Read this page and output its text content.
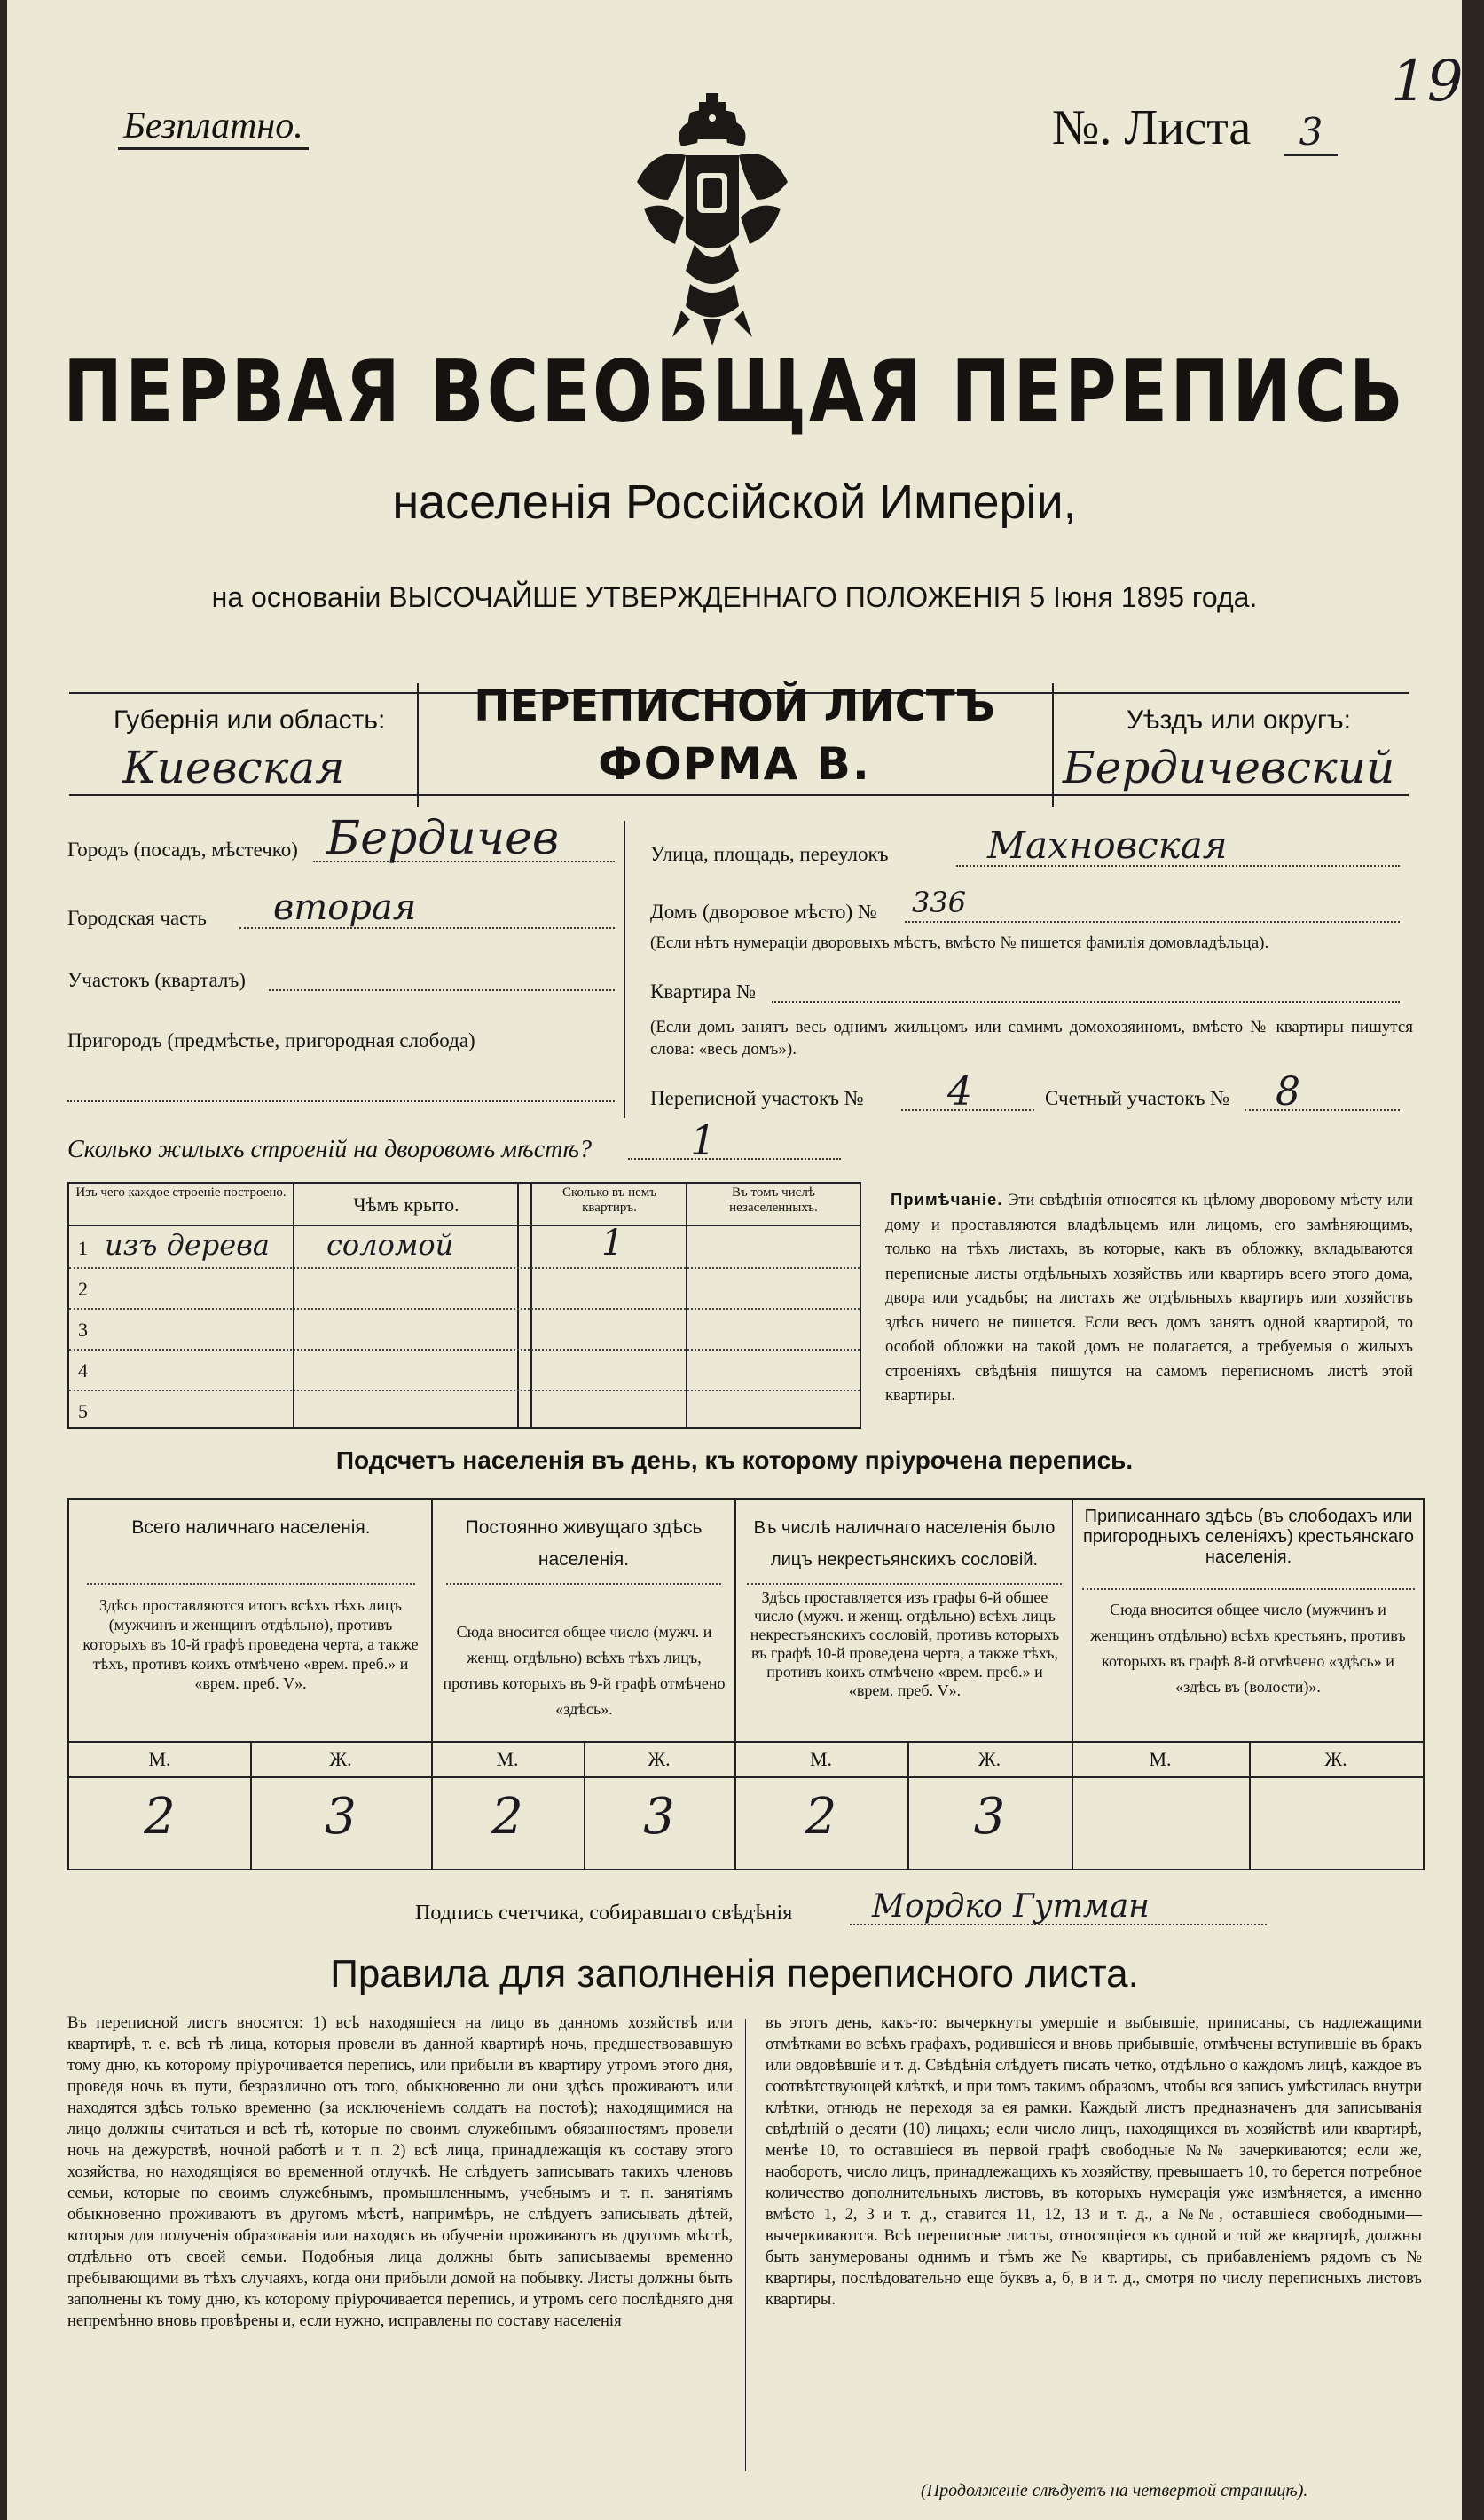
Безплатно.	№. Листа	3
19
ПЕРВАЯ ВСЕОБЩАЯ ПЕРЕПИСЬ
населенія Россійской Имперіи,
на основаніи ВЫСОЧАЙШЕ УТВЕРЖДЕННАГО ПОЛОЖЕНІЯ 5 Іюня 1895 года.
Губернія или область:
Киевская
ПЕРЕПИСНОЙ ЛИСТЪ
ФОРМА В.
Уѣздъ или округъ:
Бердичевский
Городъ (посадъ, мѣстечко) Бердичев
Городская часть вторая
Участокъ (кварталъ)
Пригородъ (предмѣстье, пригородная слобода)
Улица, площадь, переулокъ	Махновская
Домъ (дворовое мѣсто) № 336
(Если нѣтъ нумераціи дворовыхъ мѣстъ, вмѣсто № пишется фамилія домовладѣльца).
Квартира №
(Если домъ занятъ весь однимъ жильцомъ или самимъ домохозяиномъ, вмѣсто № квартиры пишутся слова: «весь домъ»).
Переписной участокъ № 4	Счетный участокъ № 8
Сколько жилыхъ строеній на дворовомъ мѣстѣ? 1
Изъ чего каждое строеніе построено.
Чѣмъ крыто.
Сколько въ немъ квартиръ.
Въ томъ числѣ незаселенныхъ.
1 изъ дерева соломой	1
2
3
4
5
Примѣчаніе. Эти свѣдѣнія относятся къ цѣлому дворовому мѣсту или дому и проставляются владѣльцемъ или лицомъ, его замѣняющимъ, только на тѣхъ листахъ, въ которые, какъ въ обложку, вкладываются переписные листы отдѣльныхъ хозяйствъ или квартиръ всего этого дома, двора или усадьбы; на листахъ же отдѣльныхъ квартиръ или хозяйствъ здѣсь ничего не пишется. Если весь домъ занятъ одной квартирой, то особой обложки на такой домъ не полагается, а требуемыя о жилыхъ строеніяхъ свѣдѣнія пишутся на самомъ переписномъ листѣ этой квартиры.
Подсчетъ населенія въ день, къ которому пріурочена перепись.
Всего наличнаго населенія.
Здѣсь проставляются итогъ всѣхъ тѣхъ лицъ (мужчинъ и женщинъ отдѣльно), противъ которыхъ въ 10-й графѣ проведена черта, а также тѣхъ, противъ коихъ отмѣчено «врем. преб.» и «врем. преб. V».
Постоянно живущаго здѣсь населенія.
Сюда вносится общее число (мужч. и женщ. отдѣльно) всѣхъ тѣхъ лицъ, противъ которыхъ въ 9-й графѣ отмѣчено «здѣсь».
Въ числѣ наличнаго населенія было лицъ некрестьянскихъ сословій.
Здѣсь проставляется изъ графы 6-й общее число (мужч. и женщ. отдѣльно) всѣхъ лицъ некрестьянскихъ сословій, противъ которыхъ въ графѣ 10-й проведена черта, а также тѣхъ, противъ коихъ отмѣчено «врем. преб.» и «врем. преб. V».
Приписаннаго здѣсь (въ слободахъ или пригородныхъ селеніяхъ) крестьянскаго населенія.
Сюда вносится общее число (мужчинъ и женщинъ отдѣльно) всѣхъ крестьянъ, противъ которыхъ въ графѣ 8-й отмѣчено «здѣсь» и «здѣсь въ (волости)».
М.	Ж.	М.	Ж.	М.	Ж.	М.	Ж.
2	3	2	3	2	3
Подпись счетчика, собиравшаго свѣдѣнія Мордко Гутман
Правила для заполненія переписного листа.
Въ переписной листъ вносятся: 1) всѣ находящіеся на лицо въ данномъ хозяйствѣ или квартирѣ, т. е. всѣ тѣ лица, которыя провели въ данной квартирѣ ночь, предшествовавшую тому дню, къ которому пріурочивается перепись, или прибыли въ квартиру утромъ этого дня, проведя ночь въ пути, безразлично отъ того, обыкновенно ли они здѣсь проживаютъ или находятся здѣсь только временно (за исключеніемъ солдатъ на постоѣ); находящимися на лицо должны считаться и всѣ тѣ, которые по своимъ служебнымъ обязанностямъ провели ночь на дежурствѣ, ночной работѣ и т. п. 2) всѣ лица, принадлежащія къ составу этого хозяйства, но находящіяся во временной отлучкѣ. Не слѣдуетъ записывать такихъ членовъ семьи, которые по своимъ служебнымъ, промышленнымъ, учебнымъ и т. п. занятіямъ обыкновенно проживаютъ въ другомъ мѣстѣ, напримѣръ, не слѣдуетъ записывать дѣтей, которыя для полученія образованія или находясь въ обученіи проживаютъ въ другомъ мѣстѣ, отдѣльно отъ своей семьи. Подобныя лица должны быть записываемы временно пребывающими въ тѣхъ случаяхъ, когда они прибыли домой на побывку. Листы должны быть заполнены къ тому дню, къ которому пріурочивается перепись, и утромъ сего послѣдняго дня непремѣнно вновь провѣрены и, если нужно, исправлены по составу населенія
въ этотъ день, какъ-то: вычеркнуты умершіе и выбывшіе, приписаны, съ надлежащими отмѣтками во всѣхъ графахъ, родившіеся и вновь прибывшіе, отмѣчены вступившіе въ бракъ или овдовѣвшіе и т. д. Свѣдѣнія слѣдуетъ писать четко, отдѣльно о каждомъ лицѣ, каждое въ соотвѣтствующей клѣткѣ, и при томъ такимъ образомъ, чтобы вся запись умѣстилась внутри клѣтки, отнюдь не переходя за ея рамки. Каждый листъ предназначенъ для записыванія свѣдѣній о десяти (10) лицахъ; если число лицъ, находящихся въ хозяйствѣ или квартирѣ, менѣе 10, то оставшіеся въ первой графѣ свободные №№ зачеркиваются; если же, наоборотъ, число лицъ, принадлежащихъ къ хозяйству, превышаетъ 10, то берется потребное количество дополнительныхъ листовъ, въ которыхъ нумерація уже измѣняется, а именно вмѣсто 1, 2, 3 и т. д., ставится 11, 12, 13 и т. д., а №№, оставшіеся свободными—вычеркиваются. Всѣ переписные листы, относящіеся къ одной и той же квартирѣ, должны быть занумерованы однимъ и тѣмъ же № квартиры, съ прибавленіемъ рядомъ съ № квартиры, послѣдовательно еще буквъ а, б, в и т. д., смотря по числу переписныхъ листовъ квартиры.
(Продолженіе слѣдуетъ на четвертой страницѣ).
